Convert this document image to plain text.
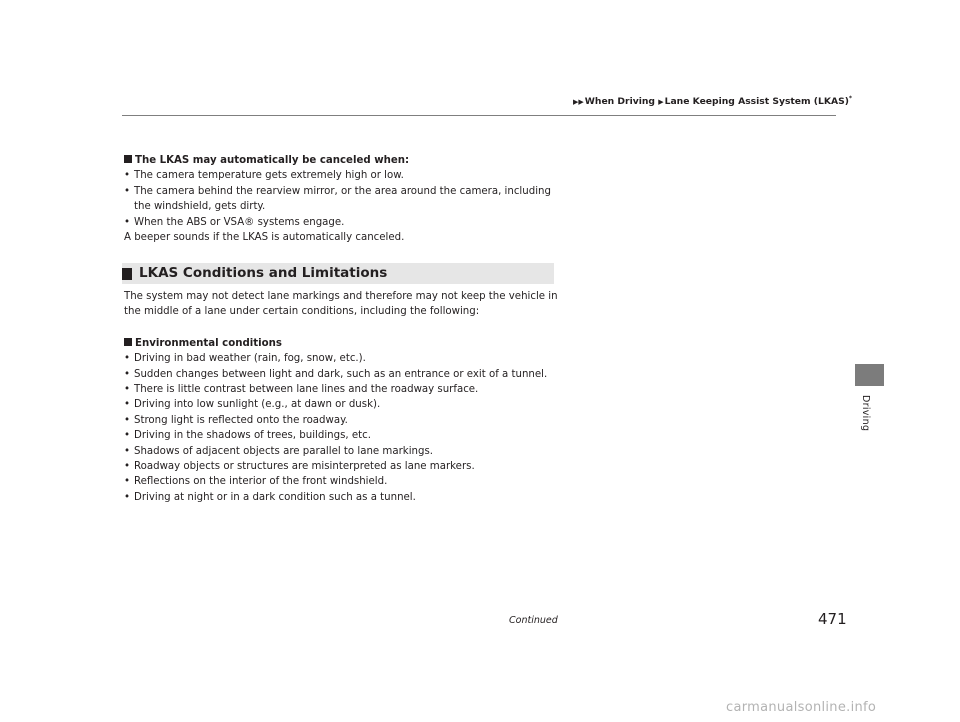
▶▶When Driving ▶Lane Keeping Assist System (LKAS)*
Driving

The LKAS may automatically be canceled when:

• The camera temperature gets extremely high or low.
• The camera behind the rearview mirror, or the area around the camera, including the windshield, gets dirty.
• When the ABS or VSA® systems engage.

A beeper sounds if the LKAS is automatically canceled.

LKAS Conditions and Limitations

The system may not detect lane markings and therefore may not keep the vehicle in the middle of a lane under certain conditions, including the following:

Environmental conditions

• Driving in bad weather (rain, fog, snow, etc.).
• Sudden changes between light and dark, such as an entrance or exit of a tunnel.
• There is little contrast between lane lines and the roadway surface.
• Driving into low sunlight (e.g., at dawn or dusk).
• Strong light is reflected onto the roadway.
• Driving in the shadows of trees, buildings, etc.
• Shadows of adjacent objects are parallel to lane markings.
• Roadway objects or structures are misinterpreted as lane markers.
• Reflections on the interior of the front windshield.
• Driving at night or in a dark condition such as a tunnel.
Continued	471
carmanualsonline.info
